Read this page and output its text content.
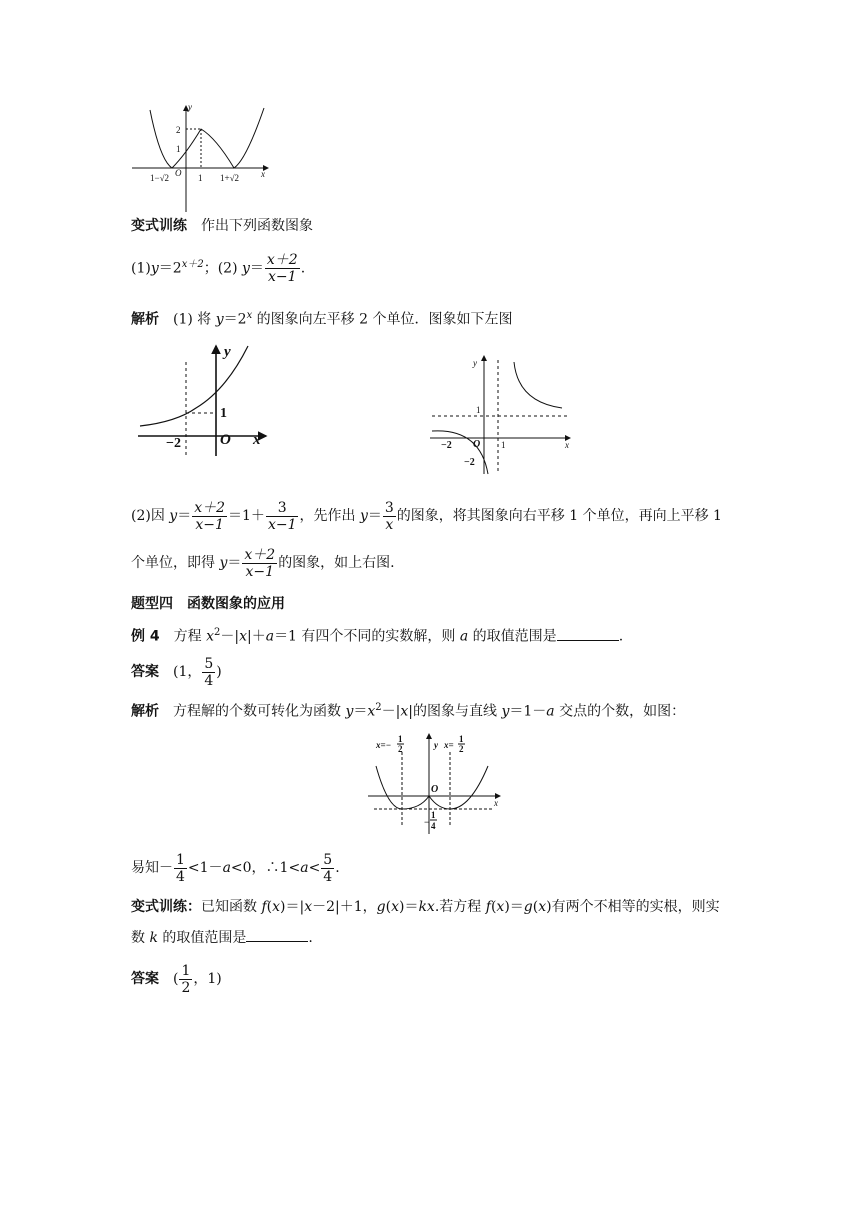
y
x
O
2
1
1−√2	1 1+√2
变式训练　 作出下列函数图象
$(1)y=2^{x+2}$；(2) $y= \frac{x+2}{x-1}$ .
解析　 (1) 将 $y=2^x$ 的图象向左平移 2 个单位．图象如下左图
y
x
O
1
−2
y
x
O
1
1
−2
−2
(2)因 $y= \frac{x+2}{x-1} =1+ \frac{3}{x-1}$ ，先作出 $y= \frac{3}{x}$ 的图象，将其图象向右平移 1 个单位，再向上平移 1
个单位，即得 $y= \frac{x+2}{x-1}$ 的图象，如上右图.
题型四　函数图象的应用
例 4　方程 $x^2-|x|+a=1$ 有四个不同的实数解，则 a 的取值范围是	.
答案　 (1， $\frac{5}{4}$ )
解析　方程解的个数可转化为函数 $y=x^2-|x|$的图象与直线 y＝1－a 交点的个数，如图：
x=−
1
2	y x=
1
2
x
O
−
1
4
易知－ $\frac{1}{4} <1-a<0$，∴1<a< $\frac{5}{4}$ .
变式训练：已知函数 f(x)＝|x－2|＋1，g(x)＝kx.若方程 f(x)＝g(x)有两个不相等的实根，则实
数 k 的取值范围是	.
答案　 ( $\frac{1}{2}$ ，1)
